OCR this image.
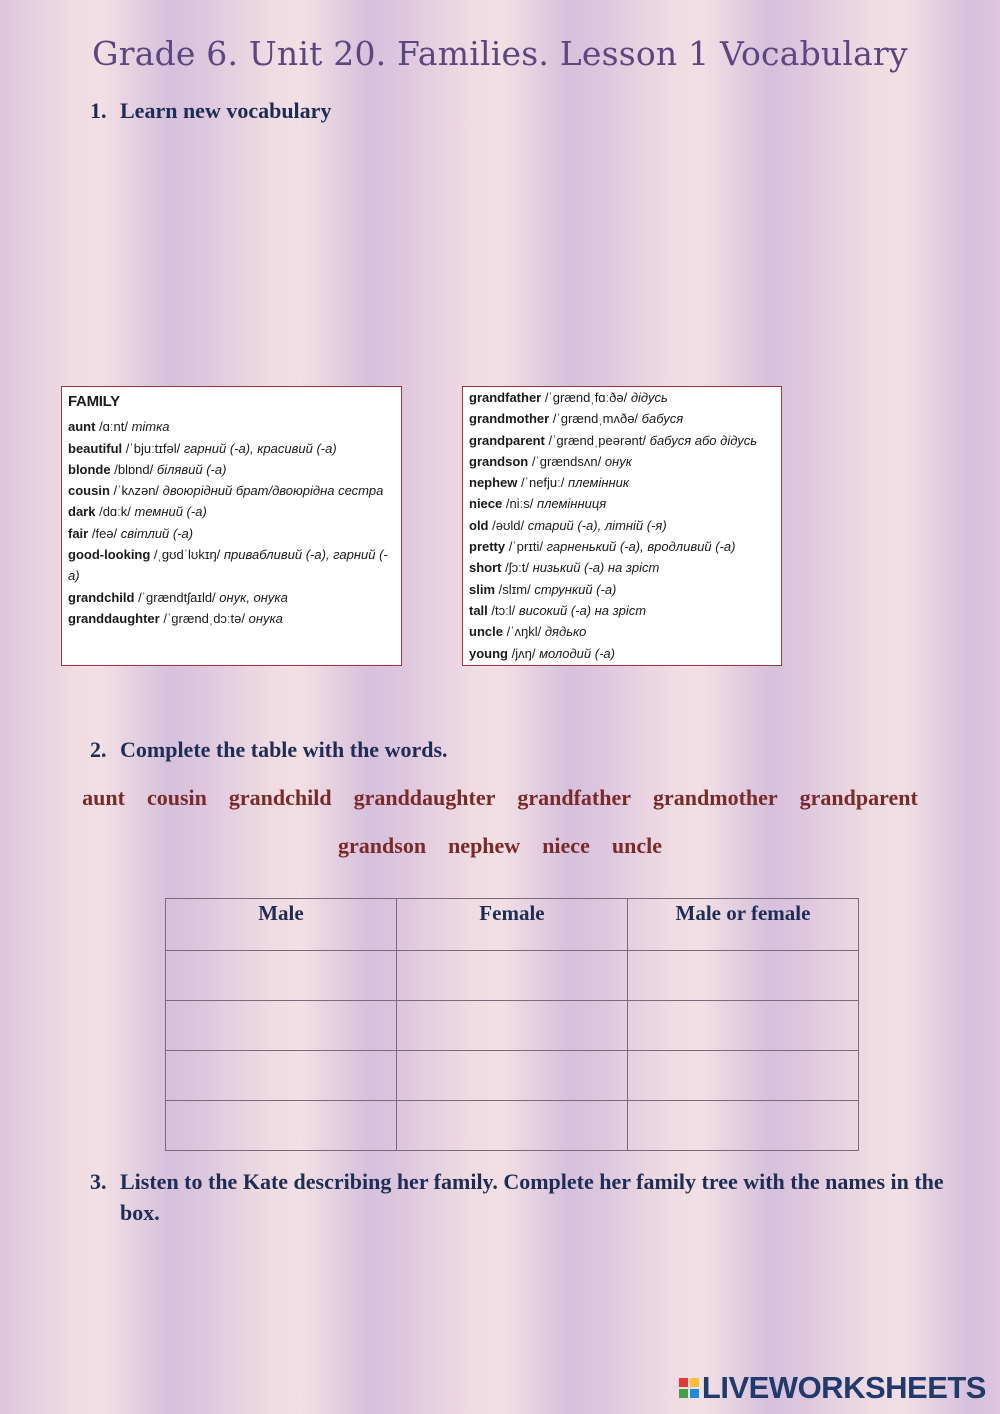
Grade 6. Unit 20. Families. Lesson 1 Vocabulary
1. Learn new vocabulary
FAMILY
aunt /ɑːnt/ тітка
beautiful /ˈbjuːtɪfəl/ гарний (-а), красивий (-а)
blonde /blɒnd/ білявий (-а)
cousin /ˈkʌzən/ двоюрідний брат/двоюрідна сестра
dark /dɑːk/ темний (-а)
fair /feə/ світлий (-а)
good-looking /ˌɡʊdˈlʊkɪŋ/ привабливий (-а), гарний (-а)
grandchild /ˈɡrændtʃaɪld/ онук, онука
granddaughter /ˈɡrændˌdɔːtə/ онука
grandfather /ˈɡrændˌfɑːðə/ дідусь
grandmother /ˈɡrændˌmʌðə/ бабуся
grandparent /ˈɡrændˌpeərənt/ бабуся або дідусь
grandson /ˈɡrændsʌn/ онук
nephew /ˈnefjuː/ племінник
niece /niːs/ племінниця
old /əʊld/ старий (-а), літній (-я)
pretty /ˈprɪti/ гарненький (-а), вродливий (-а)
short /ʃɔːt/ низький (-а) на зріст
slim /slɪm/ стрункий (-а)
tall /tɔːl/ високий (-а) на зріст
uncle /ˈʌŋkl/ дядько
young /jʌŋ/ молодий (-а)
2. Complete the table with the words.
aunt cousin grandchild granddaughter grandfather grandmother grandparent
grandson nephew niece uncle
Male	Female	Male or female

3. Listen to the Kate describing her family. Complete her family tree with the names in the box.
LIVEWORKSHEETS
